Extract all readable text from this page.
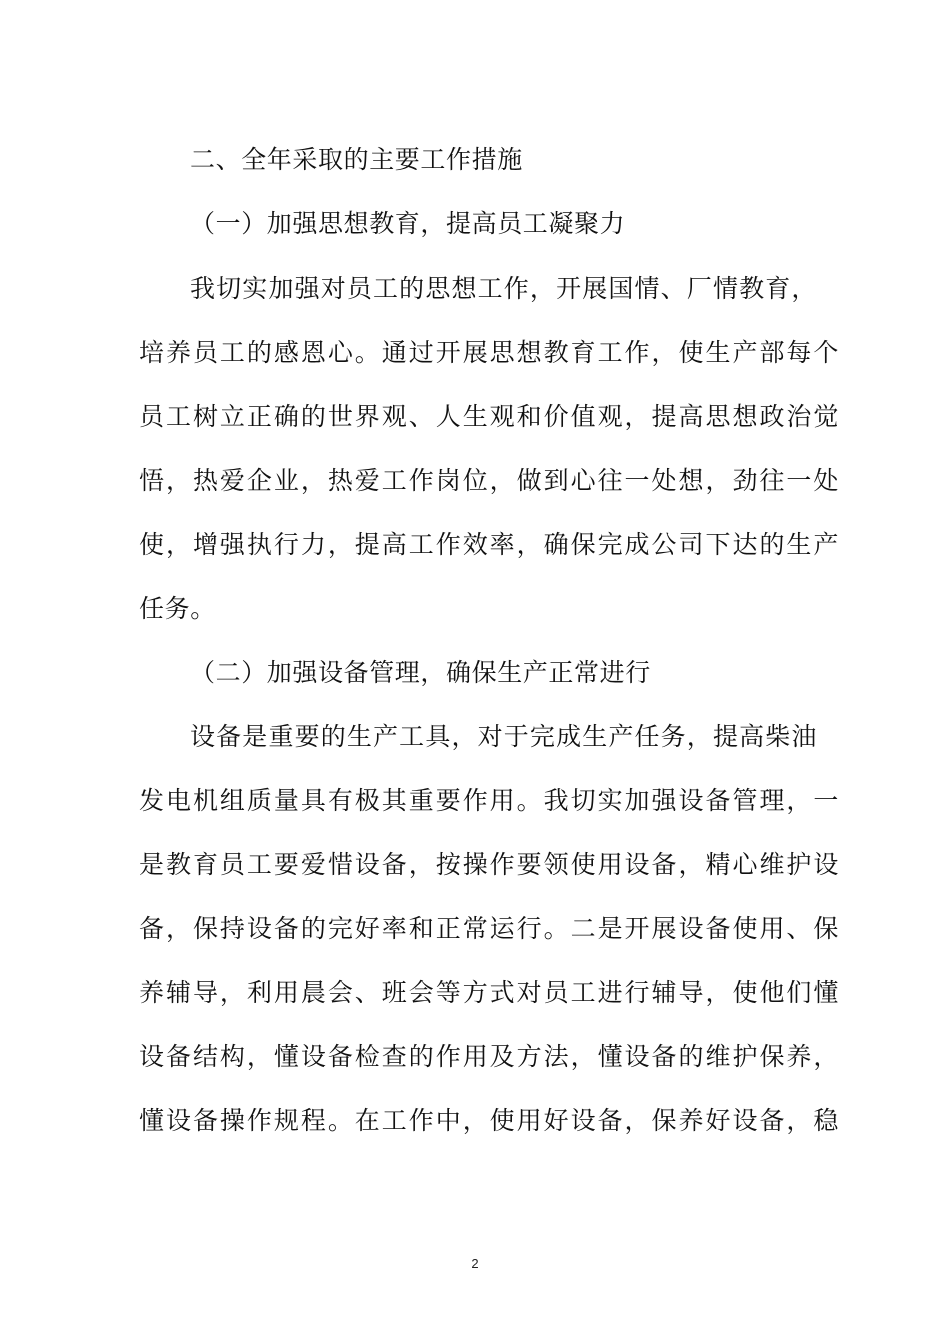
二、全年采取的主要工作措施
（一）加强思想教育，提高员工凝聚力
我切实加强对员工的思想工作，开展国情、厂情教育，
培养员工的感恩心。通过开展思想教育工作，使生产部每个
员工树立正确的世界观、人生观和价值观，提高思想政治觉
悟，热爱企业，热爱工作岗位，做到心往一处想，劲往一处
使，增强执行力，提高工作效率，确保完成公司下达的生产
任务。
（二）加强设备管理，确保生产正常进行
设备是重要的生产工具，对于完成生产任务，提高柴油
发电机组质量具有极其重要作用。我切实加强设备管理，一
是教育员工要爱惜设备，按操作要领使用设备，精心维护设
备，保持设备的完好率和正常运行。二是开展设备使用、保
养辅导，利用晨会、班会等方式对员工进行辅导，使他们懂
设备结构，懂设备检查的作用及方法，懂设备的维护保养，
懂设备操作规程。在工作中，使用好设备，保养好设备，稳
2
